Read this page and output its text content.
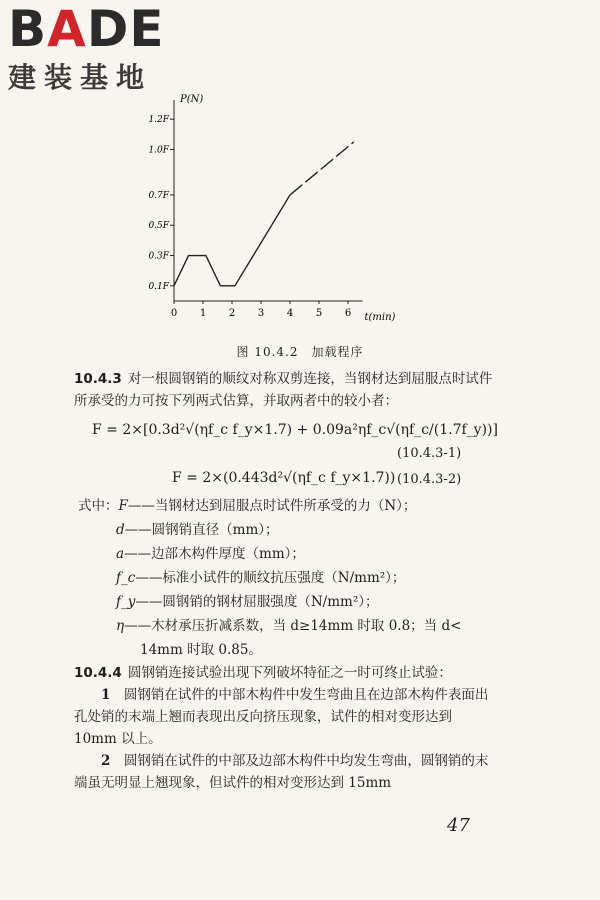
BADE
建装基地
P(N)
t(min)
0.1F
0.3F
0.5F
0.7F
1.0F
1.2F
0 1 2 3 4 5 6
图 10.4.2　加载程序
10.4.3 对一根圆钢销的顺纹对称双剪连接，当钢材达到屈服点时试件所承受的力可按下列两式估算，并取两者中的较小者：
F = 2×[0.3d²√(ηf_c f_y×1.7) + 0.09a²ηf_c√(ηf_c/(1.7f_y))]
(10.4.3-1)
F = 2×(0.443d²√(ηf_c f_y×1.7)) (10.4.3-2)
式中：F——当钢材达到屈服点时试件所承受的力（N）；
d——圆钢销直径（mm）；
a——边部木构件厚度（mm）；
f_c——标准小试件的顺纹抗压强度（N/mm²）；
f_y——圆钢销的钢材屈服强度（N/mm²）；
η——木材承压折减系数，当 d≥14mm 时取 0.8；当 d<
14mm 时取 0.85。
10.4.4 圆钢销连接试验出现下列破坏特征之一时可终止试验：
1　 圆钢销在试件的中部木构件中发生弯曲且在边部木构件表面出孔处销的末端上翘而表现出反向挤压现象，试件的相对变形达到 10mm 以上。
2　 圆钢销在试件的中部及边部木构件中均发生弯曲，圆钢销的末端虽无明显上翘现象，但试件的相对变形达到 15mm
47
